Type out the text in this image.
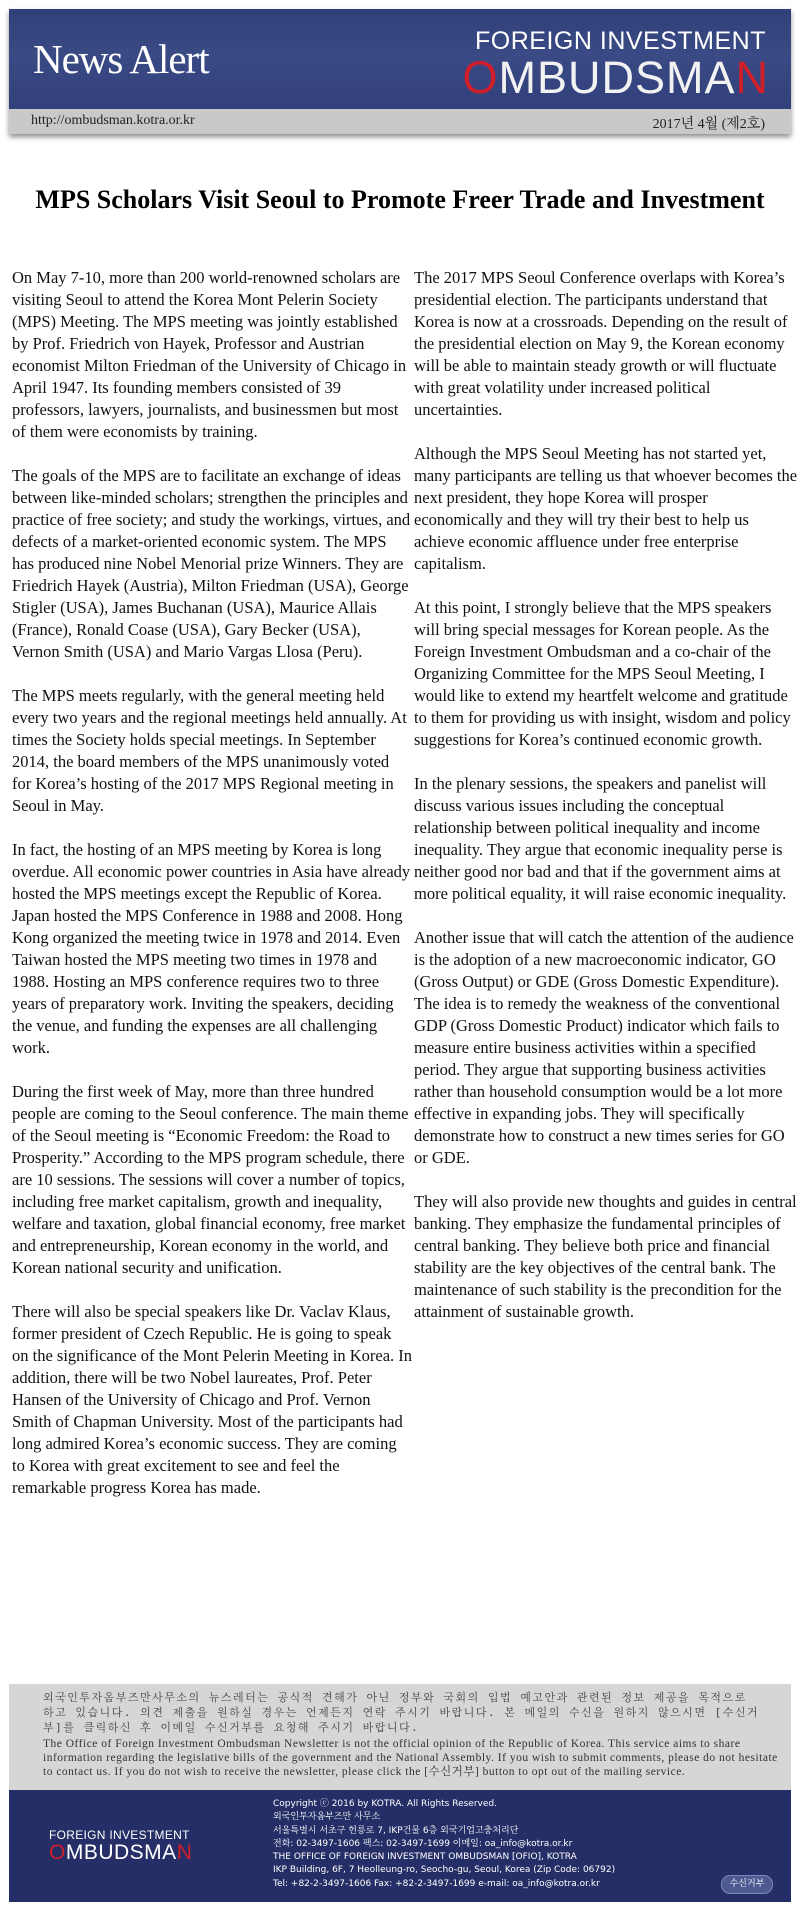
News Alert	FOREIGN INVESTMENT
OMBUDSMAN
http://ombudsman.kotra.or.kr	2017년 4월 (제2호)
MPS Scholars Visit Seoul to Promote Freer Trade and Investment

On May 7-10, more than 200 world-renowned scholars are visiting Seoul to attend the Korea Mont Pelerin Society (MPS) Meeting. The MPS meeting was jointly established by Prof. Friedrich von Hayek, Professor and Austrian economist Milton Friedman of the University of Chicago in April 1947. Its founding members consisted of 39 professors, lawyers, journalists, and businessmen but most of them were economists by training.

The goals of the MPS are to facilitate an exchange of ideas between like-minded scholars; strengthen the principles and practice of free society; and study the workings, virtues, and defects of a market-oriented economic system. The MPS has produced nine Nobel Menorial prize Winners. They are Friedrich Hayek (Austria), Milton Friedman (USA), George Stigler (USA), James Buchanan (USA), Maurice Allais (France), Ronald Coase (USA), Gary Becker (USA), Vernon Smith (USA) and Mario Vargas Llosa (Peru).

The MPS meets regularly, with the general meeting held every two years and the regional meetings held annually. At times the Society holds special meetings. In September 2014, the board members of the MPS unanimously voted for Korea’s hosting of the 2017 MPS Regional meeting in Seoul in May.

In fact, the hosting of an MPS meeting by Korea is long overdue. All economic power countries in Asia have already hosted the MPS meetings except the Republic of Korea. Japan hosted the MPS Conference in 1988 and 2008. Hong Kong organized the meeting twice in 1978 and 2014. Even Taiwan hosted the MPS meeting two times in 1978 and 1988. Hosting an MPS conference requires two to three years of preparatory work. Inviting the speakers, deciding the venue, and funding the expenses are all challenging work.

During the first week of May, more than three hundred people are coming to the Seoul conference. The main theme of the Seoul meeting is “Economic Freedom: the Road to Prosperity.” According to the MPS program schedule, there are 10 sessions. The sessions will cover a number of topics, including free market capitalism, growth and inequality, welfare and taxation, global financial economy, free market and entrepreneurship, Korean economy in the world, and Korean national security and unification.

There will also be special speakers like Dr. Vaclav Klaus, former president of Czech Republic. He is going to speak on the significance of the Mont Pelerin Meeting in Korea. In addition, there will be two Nobel laureates, Prof. Peter Hansen of the University of Chicago and Prof. Vernon Smith of Chapman University. Most of the participants had long admired Korea’s economic success. They are coming to Korea with great excitement to see and feel the remarkable progress Korea has made.

The 2017 MPS Seoul Conference overlaps with Korea’s presidential election. The participants understand that Korea is now at a crossroads. Depending on the result of the presidential election on May 9, the Korean economy will be able to maintain steady growth or will fluctuate with great volatility under increased political uncertainties.

Although the MPS Seoul Meeting has not started yet, many participants are telling us that whoever becomes the next president, they hope Korea will prosper economically and they will try their best to help us achieve economic affluence under free enterprise capitalism.

At this point, I strongly believe that the MPS speakers will bring special messages for Korean people. As the Foreign Investment Ombudsman and a co-chair of the Organizing Committee for the MPS Seoul Meeting, I would like to extend my heartfelt welcome and gratitude to them for providing us with insight, wisdom and policy suggestions for Korea’s continued economic growth.

In the plenary sessions, the speakers and panelist will discuss various issues including the conceptual relationship between political inequality and income inequality. They argue that economic inequality perse is neither good nor bad and that if the government aims at more political equality, it will raise economic inequality.

Another issue that will catch the attention of the audience is the adoption of a new macroeconomic indicator, GO (Gross Output) or GDE (Gross Domestic Expenditure). The idea is to remedy the weakness of the conventional GDP (Gross Domestic Product) indicator which fails to measure entire business activities within a specified period. They argue that supporting business activities rather than household consumption would be a lot more effective in expanding jobs. They will specifically demonstrate how to construct a new times series for GO or GDE.

They will also provide new thoughts and guides in central banking. They emphasize the fundamental principles of central banking. They believe both price and financial stability are the key objectives of the central bank. The maintenance of such stability is the precondition for the attainment of sustainable growth.

외국인투자옴부즈만사무소의 뉴스레터는 공식적 견해가 아닌 정부와 국회의 입법 예고안과 관련된 정보 제공을 목적으로 하고 있습니다. 의견 제출을 원하실 경우는 언제든지 연락 주시기 바랍니다. 본 메일의 수신을 원하지 않으시면 [수신거부]를 클릭하신 후 이메일 수신거부를 요청해 주시기 바랍니다.
The Office of Foreign Investment Ombudsman Newsletter is not the official opinion of the Republic of Korea. This service aims to share information regarding the legislative bills of the government and the National Assembly. If you wish to submit comments, please do not hesitate to contact us. If you do not wish to receive the newsletter, please click the [수신거부] button to opt out of the mailing service.
FOREIGN INVESTMENT
OMBUDSMAN
Copyright ⓒ 2016 by KOTRA. All Rights Reserved.
외국인투자옴부즈만 사무소
서울특별시 서초구 헌릉로 7, IKP건물 6층 외국기업고충처리단
전화: 02-3497-1606 팩스: 02-3497-1699 이메일: oa_info@kotra.or.kr
THE OFFICE OF FOREIGN INVESTMENT OMBUDSMAN [OFIO], KOTRA
IKP Building, 6F, 7 Heolleung-ro, Seocho-gu, Seoul, Korea (Zip Code: 06792)
Tel: +82-2-3497-1606 Fax: +82-2-3497-1699 e-mail: oa_info@kotra.or.kr	수신거부
